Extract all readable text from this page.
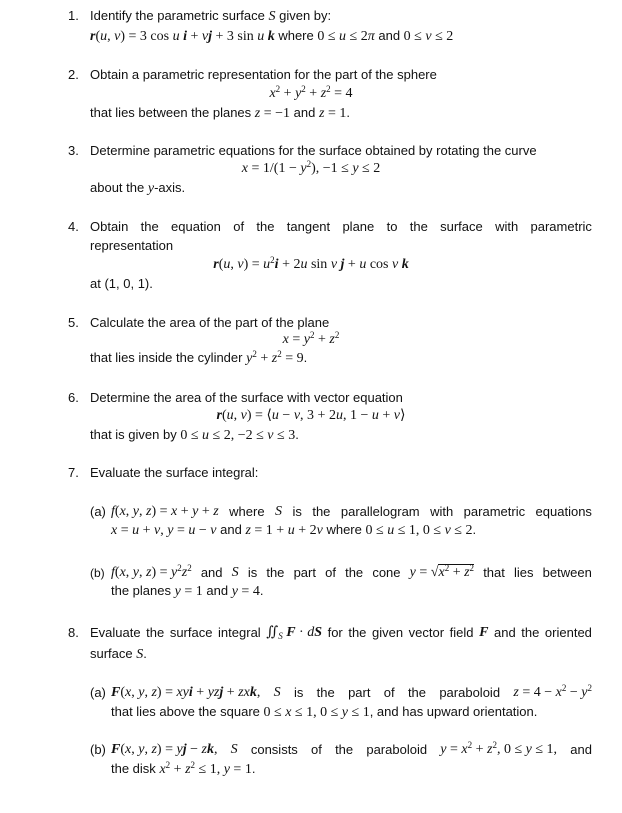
1. Identify the parametric surface S given by:
r(u, v) = 3 cos u i + vj + 3 sin u k where 0 ≤ u ≤ 2π and 0 ≤ v ≤ 2
2. Obtain a parametric representation for the part of the sphere
$x^2 + y^2 + z^2 = 4$
that lies between the planes z = −1 and z = 1.
3. Determine parametric equations for the surface obtained by rotating the curve
$x = 1/(1 - y^2)$, −1 ≤ y ≤ 2
about the y-axis.
4. Obtain the equation of the tangent plane to the surface with parametric
representation
r(u, $v) = u^2i + 2u$ sin v j + u cos v k
at (1, 0, 1).
5. Calculate the area of the part of the plane
$x = y^2 + z^2$
that lies inside the cylinder $y^2 + z^2 = 9$.
6. Determine the area of the surface with vector equation
r(u, v) = ⟨u − v, 3 + 2u, 1 − u + v⟩
that is given by 0 ≤ u ≤ 2, −2 ≤ v ≤ 3.
7. Evaluate the surface integral:
(a) f(x, y, z) = x + y + z where S is the parallelogram with parametric equations
x = u + v, y = u − v and z = 1 + u + 2v where 0 ≤ u ≤ 1, 0 ≤ v ≤ 2.
(b) f(x, y, $z) = y^2z^2$ and S is the part of the cone $y = √x^2 + z^2$ that lies between
the planes y = 1 and y = 4.
8. Evaluate the surface integral $∬_S$ F · dS for the given vector field F and the oriented
surface S.
(a) F(x, y, z) = xyi + yzj + zxk, S is the part of the paraboloid $z = 4 - x^2 - y^2$
that lies above the square 0 ≤ x ≤ 1, 0 ≤ y ≤ 1, and has upward orientation.
(b) F(x, y, z) = yj − zk, S consists of the paraboloid $y = x^2 + z^2$, 0 ≤ y ≤ 1, and
the disk $x^2 + z^2 \le 1$, y = 1.
